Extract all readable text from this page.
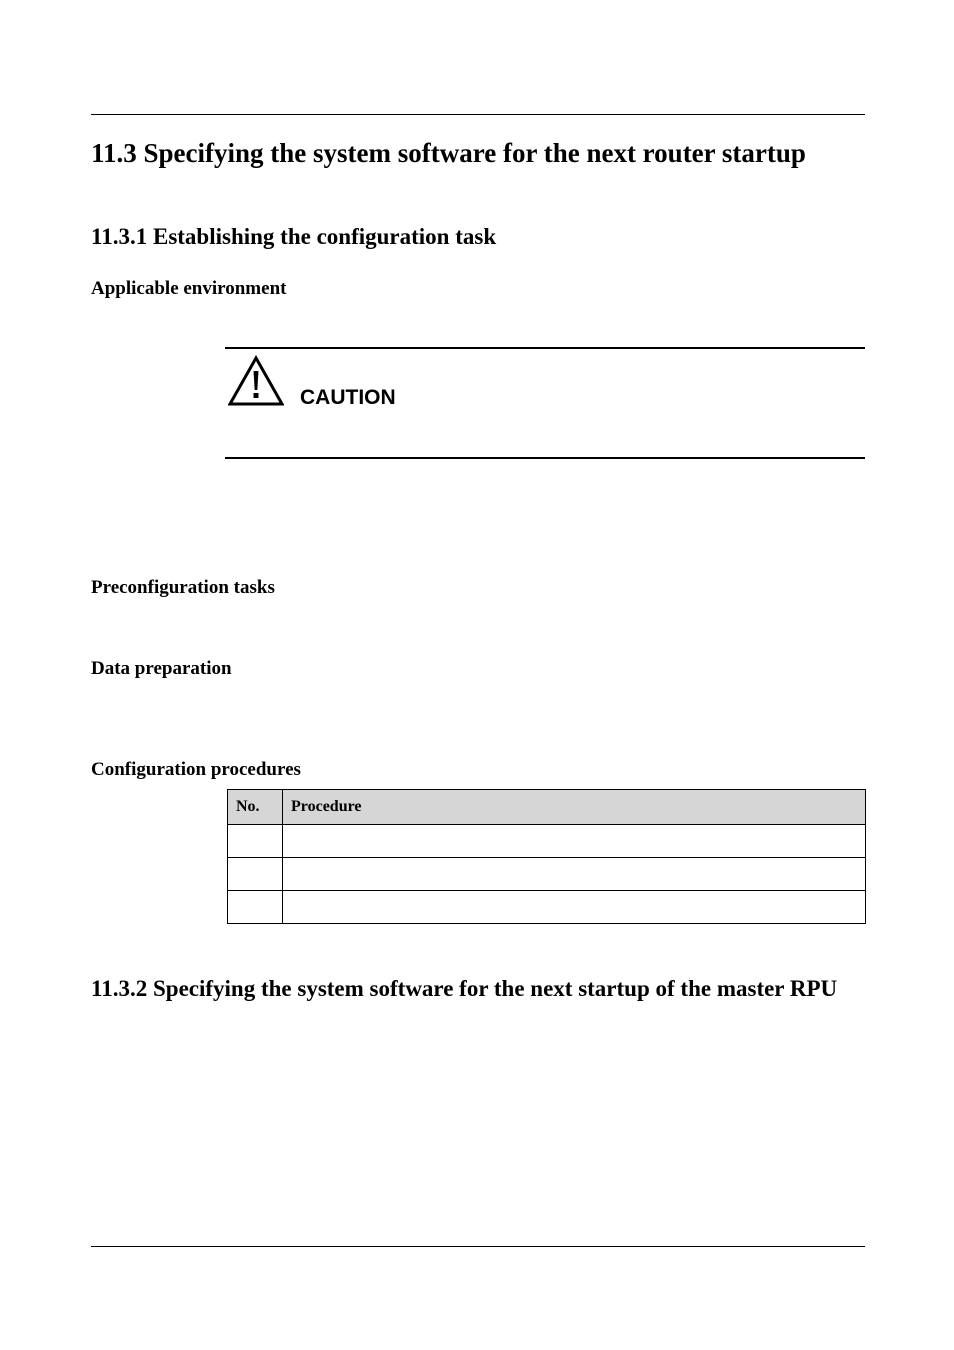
11.3 Specifying the system software for the next router startup
11.3.1 Establishing the configuration task
Applicable environment
CAUTION
Preconfiguration tasks
Data preparation
Configuration procedures
No.	Procedure

11.3.2 Specifying the system software for the next startup of the master RPU
